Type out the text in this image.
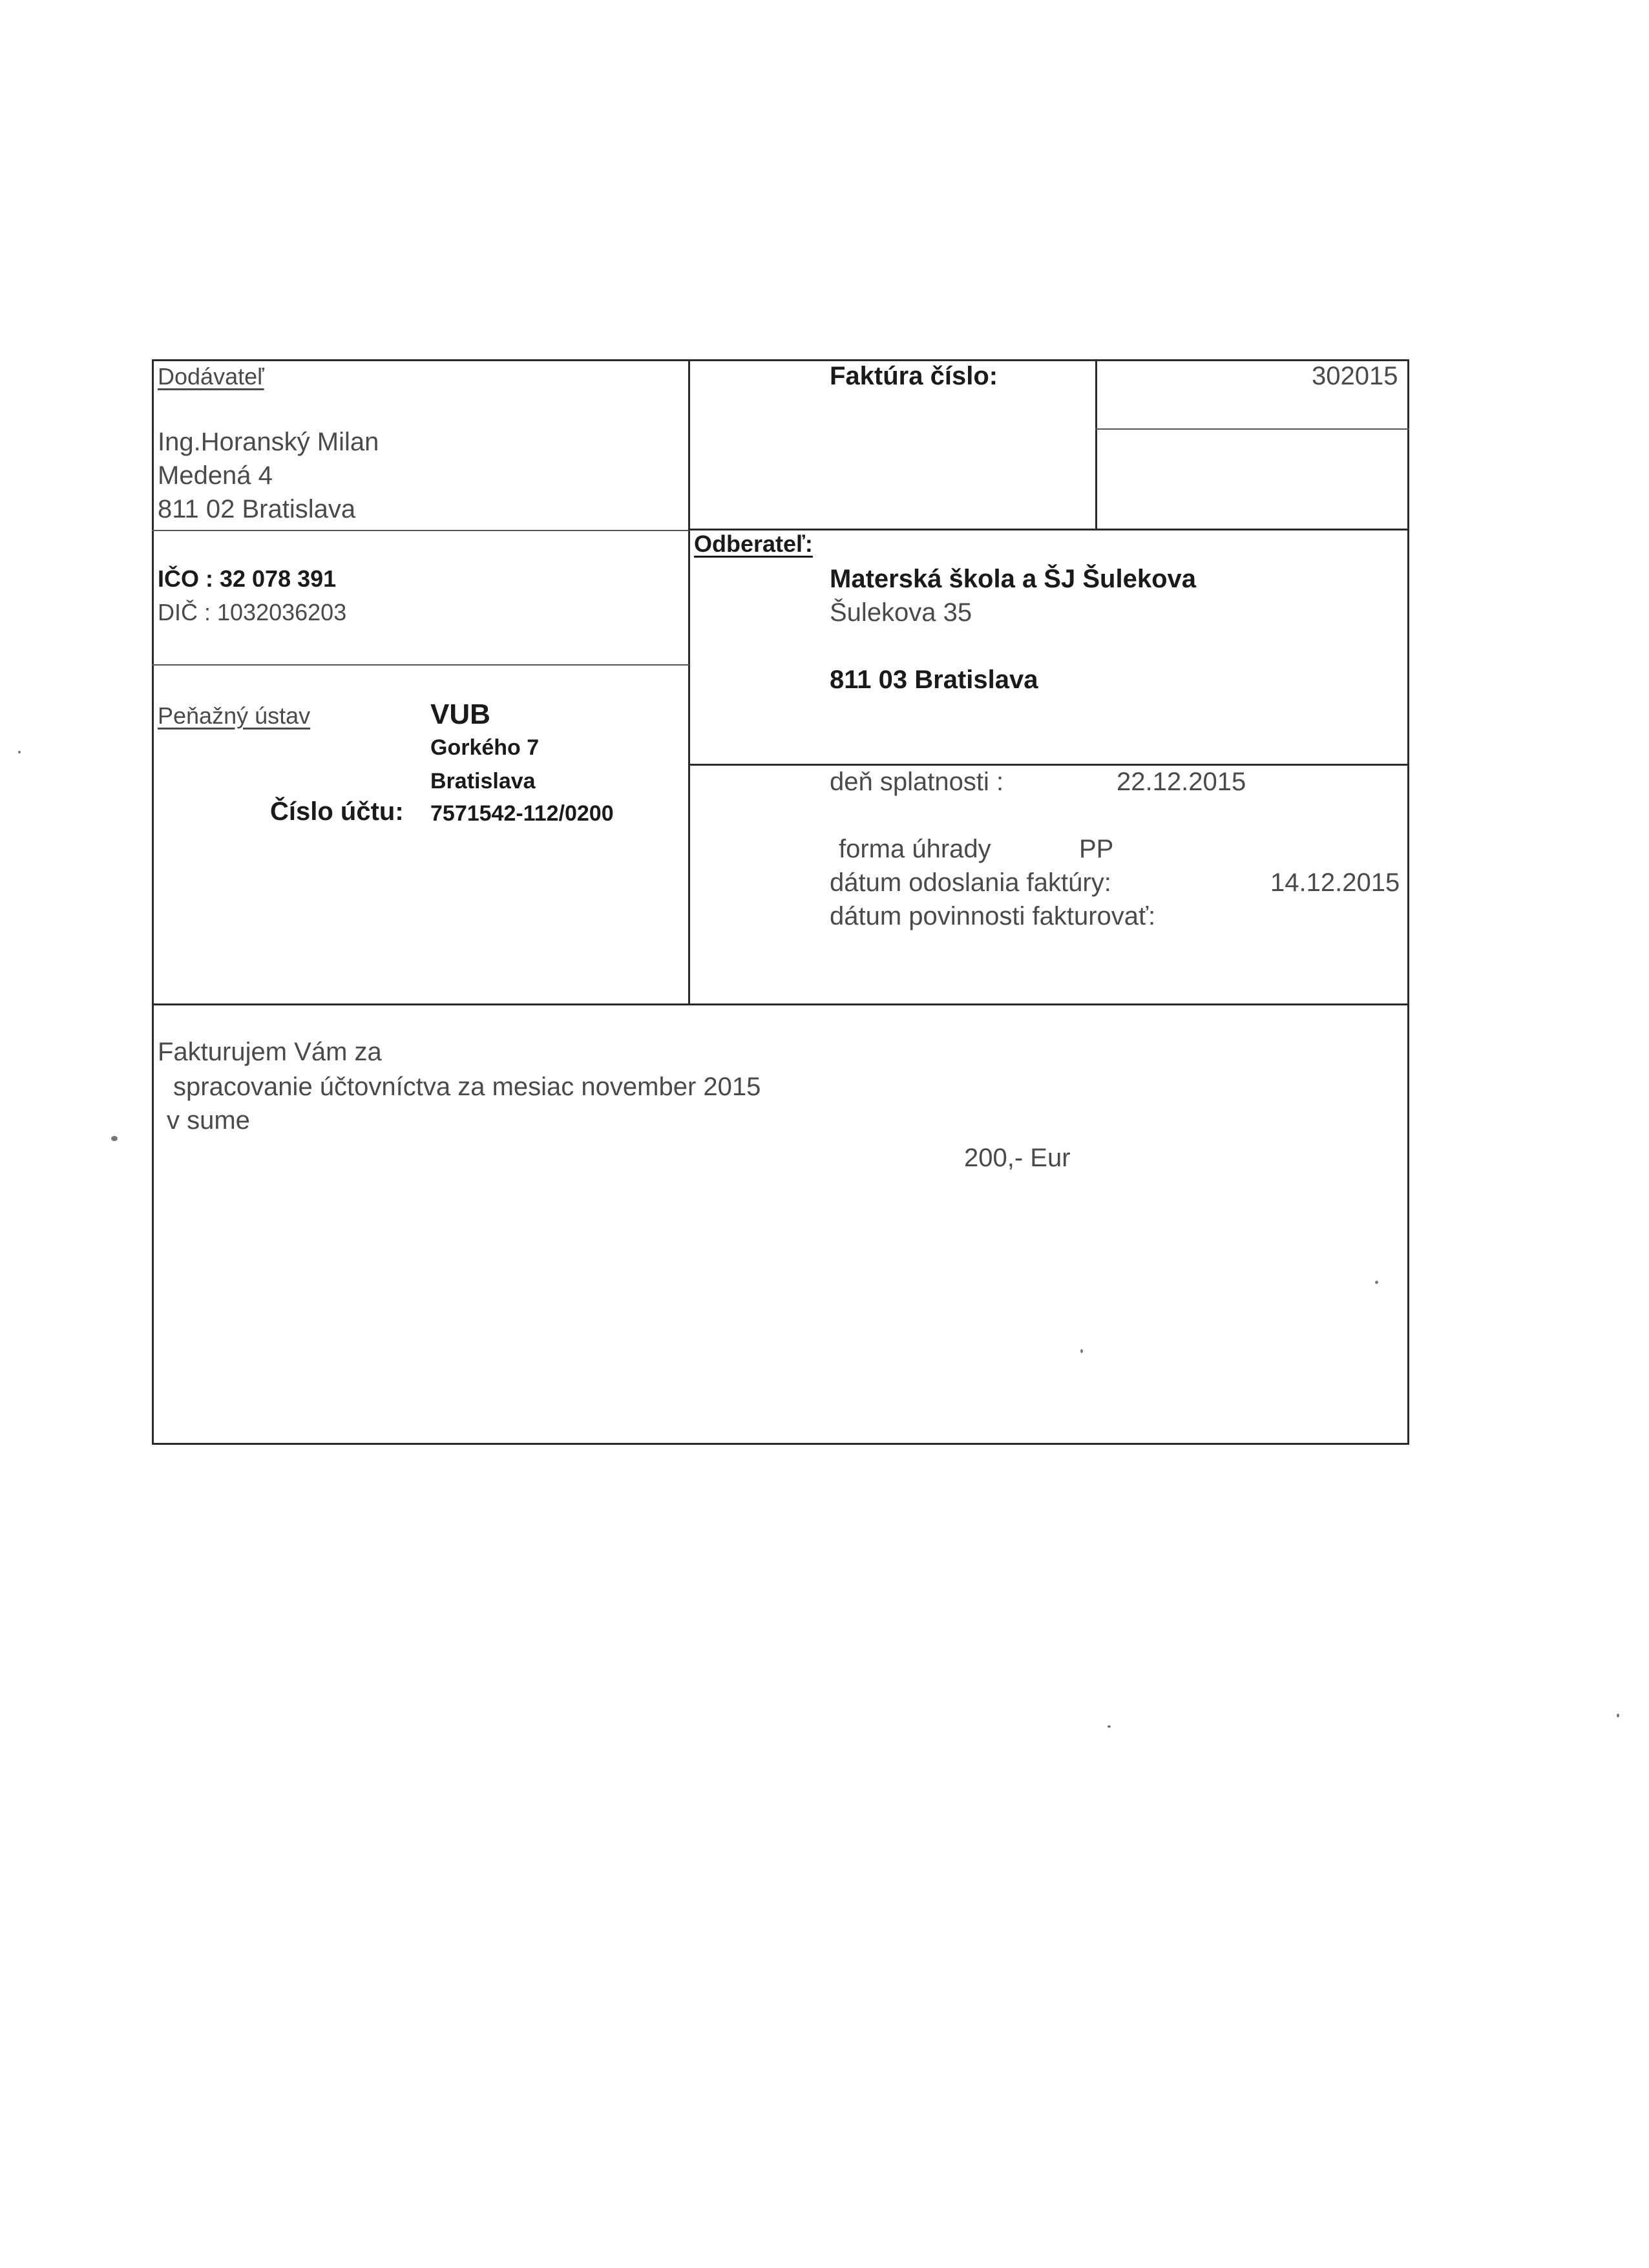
Dodávateľ
Ing.Horanský Milan
Medená 4
811 02 Bratislava
IČO : 32 078 391
DIČ : 1032036203
Peňažný ústav	VUB
Gorkého 7
Bratislava
Číslo účtu: 7571542-112/0200
Faktúra číslo:	302015
Odberateľ:
Materská škola a ŠJ Šulekova
Šulekova 35
811 03 Bratislava
deň splatnosti :	22.12.2015
forma úhrady	PP
dátum odoslania faktúry:	14.12.2015
dátum povinnosti fakturovať:
Fakturujem Vám za
spracovanie účtovníctva za mesiac november 2015
v sume
200,- Eur
